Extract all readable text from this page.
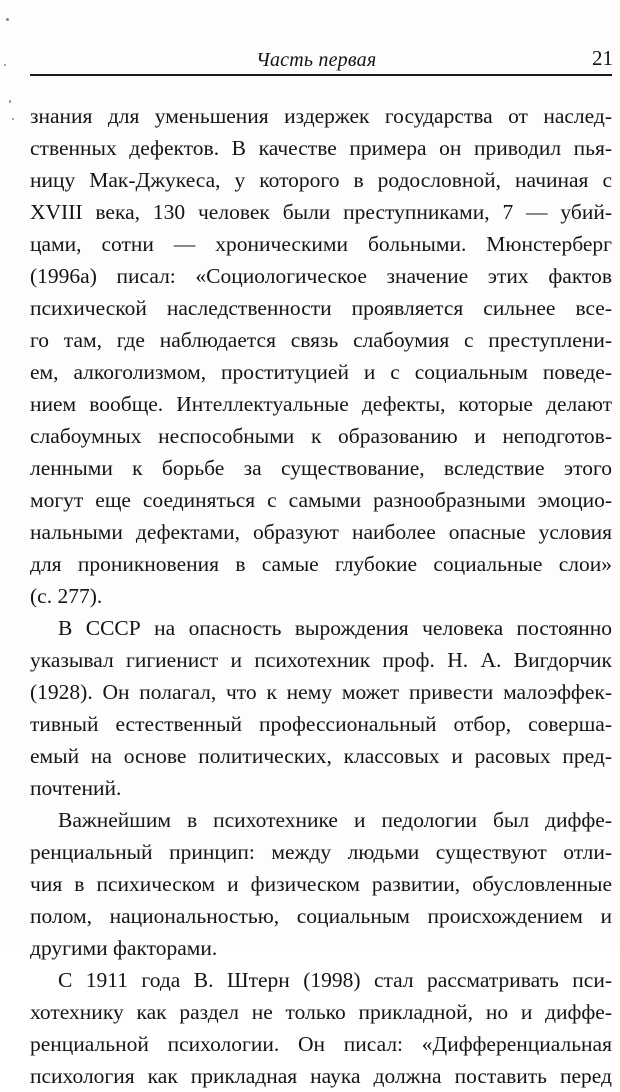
Часть первая	21
знания для уменьшения издержек государства от наслед-
ственных дефектов. В качестве примера он приводил пья-
ницу Мак-Джукеса, у которого в родословной, начиная с
XVIII века, 130 человек были преступниками, 7 — убий-
цами, сотни — хроническими больными. Мюнстерберг
(1996а) писал: «Социологическое значение этих фактов
психической наследственности проявляется сильнее все-
го там, где наблюдается связь слабоумия с преступлени-
ем, алкоголизмом, проституцией и с социальным поведе-
нием вообще. Интеллектуальные дефекты, которые делают
слабоумных неспособными к образованию и неподготов-
ленными к борьбе за существование, вследствие этого
могут еще соединяться с самыми разнообразными эмоцио-
нальными дефектами, образуют наиболее опасные условия
для проникновения в самые глубокие социальные слои»
(с. 277).
В СССР на опасность вырождения человека постоянно
указывал гигиенист и психотехник проф. Н. А. Вигдорчик
(1928). Он полагал, что к нему может привести малоэффек-
тивный естественный профессиональный отбор, соверша-
емый на основе политических, классовых и расовых пред-
почтений.
Важнейшим в психотехнике и педологии был диффе-
ренциальный принцип: между людьми существуют отли-
чия в психическом и физическом развитии, обусловленные
полом, национальностью, социальным происхождением и
другими факторами.
С 1911 года В. Штерн (1998) стал рассматривать пси-
хотехнику как раздел не только прикладной, но и диффе-
ренциальной психологии. Он писал: «Дифференциальная
психология как прикладная наука должна поставить перед
